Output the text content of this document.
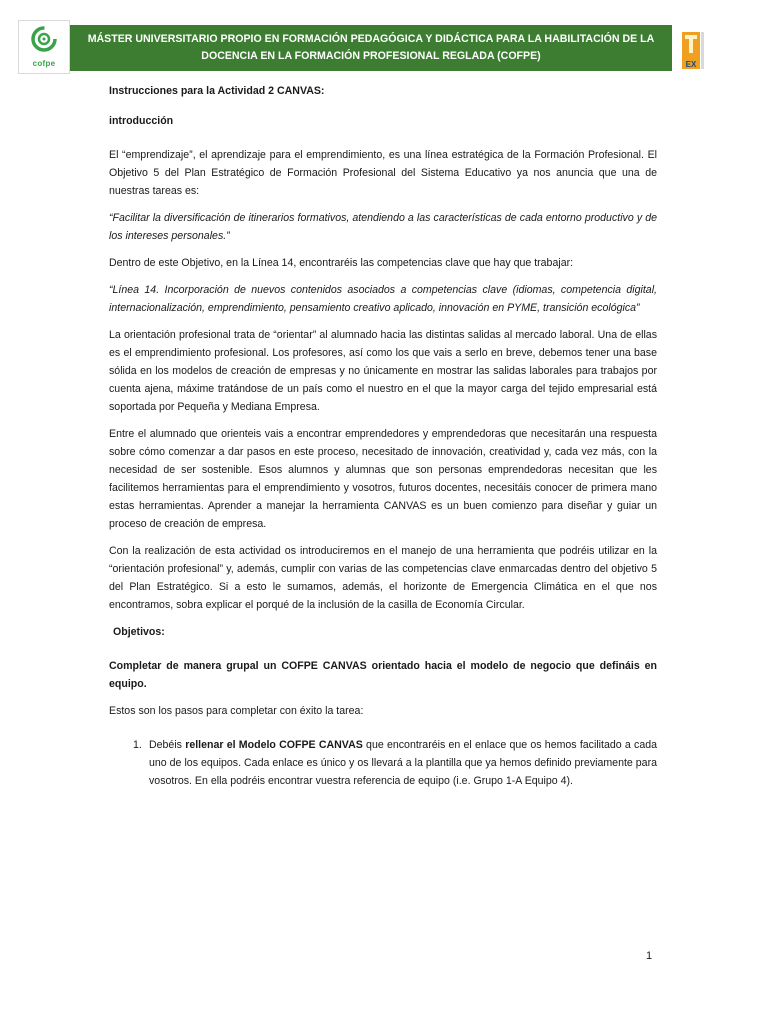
cofpe
MÁSTER UNIVERSITARIO PROPIO EN FORMACIÓN PEDAGÓGICA Y DIDÁCTICA PARA LA HABILITACIÓN DE LA
DOCENCIA EN LA FORMACIÓN PROFESIONAL REGLADA (COFPE)
EX

Instrucciones para la Actividad 2 CANVAS:

introducción

El “emprendizaje”, el aprendizaje para el emprendimiento, es una línea estratégica de la Formación Profesional. El Objetivo 5 del Plan Estratégico de Formación Profesional del Sistema Educativo ya nos anuncia que una de nuestras tareas es:

“Facilitar la diversificación de itinerarios formativos, atendiendo a las características de cada entorno productivo y de los intereses personales.”

Dentro de este Objetivo, en la Línea 14, encontraréis las competencias clave que hay que trabajar:

“Línea 14. Incorporación de nuevos contenidos asociados a competencias clave (idiomas, competencia digital, internacionalización, emprendimiento, pensamiento creativo aplicado, innovación en PYME, transición ecológica”

La orientación profesional trata de “orientar” al alumnado hacia las distintas salidas al mercado laboral. Una de ellas es el emprendimiento profesional. Los profesores, así como los que vais a serlo en breve, debemos tener una base sólida en los modelos de creación de empresas y no únicamente en mostrar las salidas laborales para trabajos por cuenta ajena, máxime tratándose de un país como el nuestro en el que la mayor carga del tejido empresarial está soportada por Pequeña y Mediana Empresa.

Entre el alumnado que orienteis vais a encontrar emprendedores y emprendedoras que necesitarán una respuesta sobre cómo comenzar a dar pasos en este proceso, necesitado de innovación, creatividad y, cada vez más, con la necesidad de ser sostenible. Esos alumnos y alumnas que son personas emprendedoras necesitan que les facilitemos herramientas para el emprendimiento y vosotros, futuros docentes, necesitáis conocer de primera mano estas herramientas. Aprender a manejar la herramienta CANVAS es un buen comienzo para diseñar y guiar un proceso de creación de empresa.

Con la realización de esta actividad os introduciremos en el manejo de una herramienta que podréis utilizar en la “orientación profesional” y, además, cumplir con varias de las competencias clave enmarcadas dentro del objetivo 5 del Plan Estratégico. Si a esto le sumamos, además, el horizonte de Emergencia Climática en el que nos encontramos, sobra explicar el porqué de la inclusión de la casilla de Economía Circular.

Objetivos:

Completar de manera grupal un COFPE CANVAS orientado hacia el modelo de negocio que defináis en equipo.

Estos son los pasos para completar con éxito la tarea:

1. Debéis rellenar el Modelo COFPE CANVAS que encontraréis en el enlace que os hemos facilitado a cada uno de los equipos. Cada enlace es único y os llevará a la plantilla que ya hemos definido previamente para vosotros. En ella podréis encontrar vuestra referencia de equipo (i.e. Grupo 1-A Equipo 4).
1
